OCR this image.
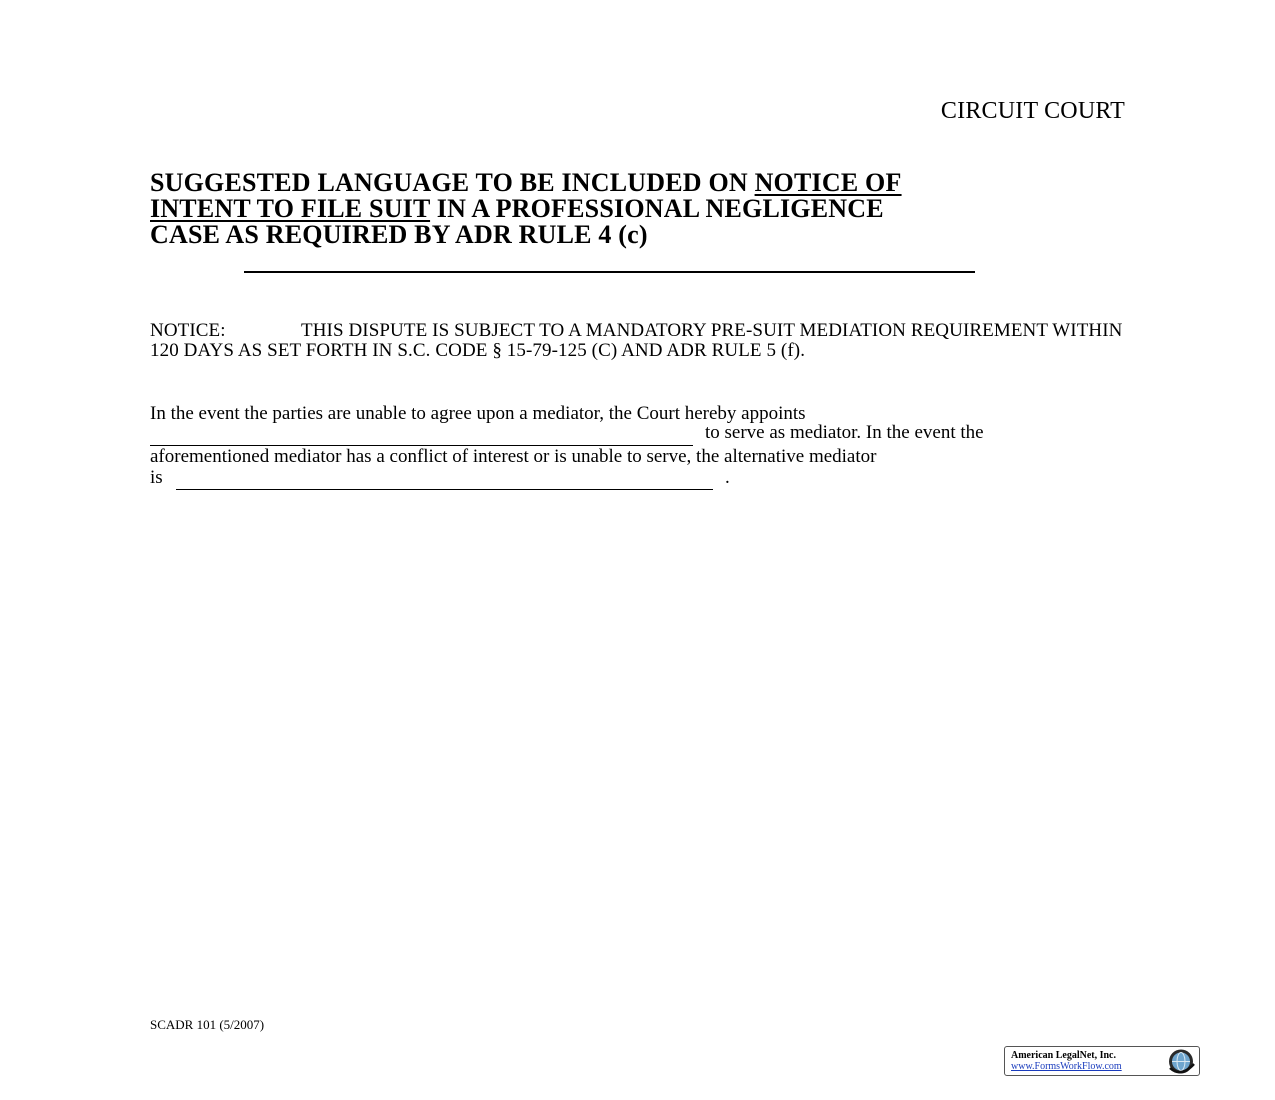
CIRCUIT COURT
SUGGESTED LANGUAGE TO BE INCLUDED ON NOTICE OF
INTENT TO FILE SUIT IN A PROFESSIONAL NEGLIGENCE
CASE AS REQUIRED BY ADR RULE 4 (c)
NOTICE:	THIS DISPUTE IS SUBJECT TO A MANDATORY PRE-SUIT MEDIATION REQUIREMENT WITHIN 120 DAYS AS SET FORTH IN S.C. CODE § 15-79-125 (C) AND ADR RULE 5 (f).
In the event the parties are unable to agree upon a mediator, the Court hereby appoints
to serve as mediator. In the event the
aforementioned mediator has a conflict of interest or is unable to serve, the alternative mediator
is	.
SCADR 101 (5/2007)
American LegalNet, Inc.
www.FormsWorkFlow.com
